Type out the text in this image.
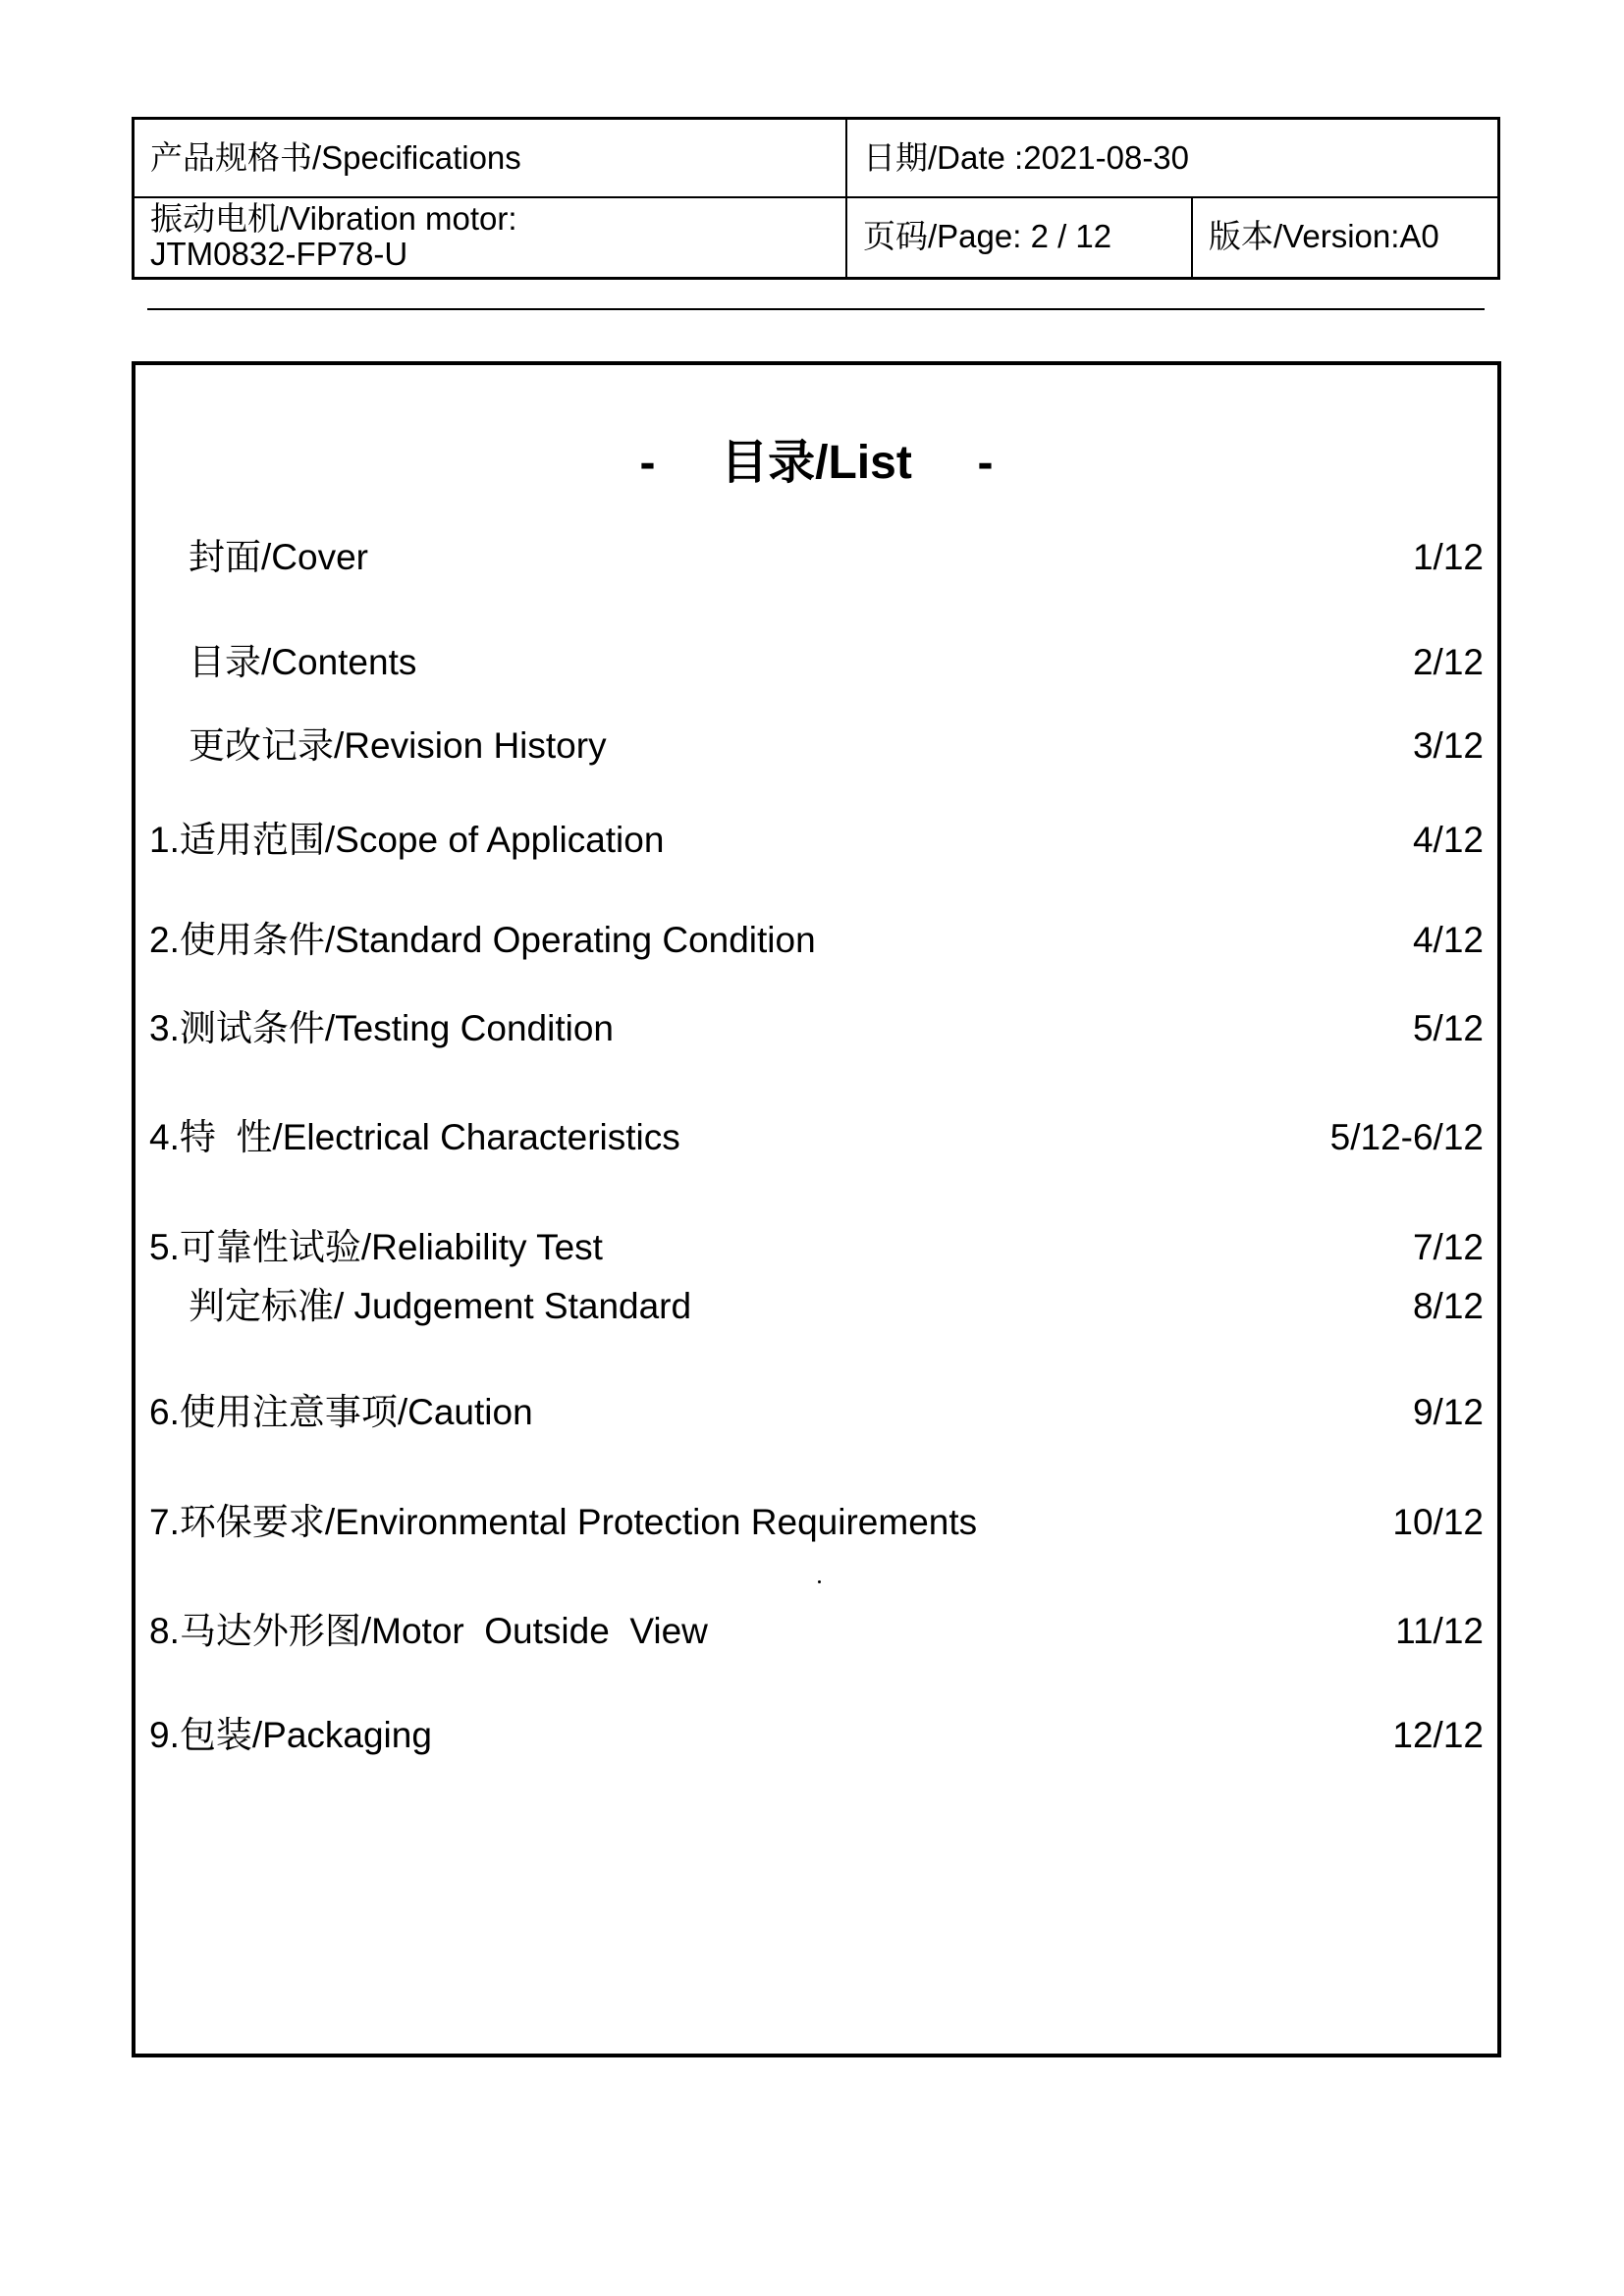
产品规格书/Specifications	日期/Date :2021-08-30
振动电机/Vibration motor:
JTM0832-FP78-U	页码/Page: 2 / 12	版本/Version:A0
-     目录/List     -
封面/Cover	1/12
目录/Contents	2/12
更改记录/Revision History	3/12
1.适用范围/Scope of Application	4/12
2.使用条件/Standard Operating Condition	4/12
3.测试条件/Testing Condition	5/12
4.特  性/Electrical Characteristics	5/12-6/12
5.可靠性试验/Reliability Test	7/12
判定标准/ Judgement Standard	8/12
6.使用注意事项/Caution	9/12
7.环保要求/Environmental Protection Requirements	10/12
8.马达外形图/Motor  Outside  View	11/12
9.包装/Packaging	12/12
